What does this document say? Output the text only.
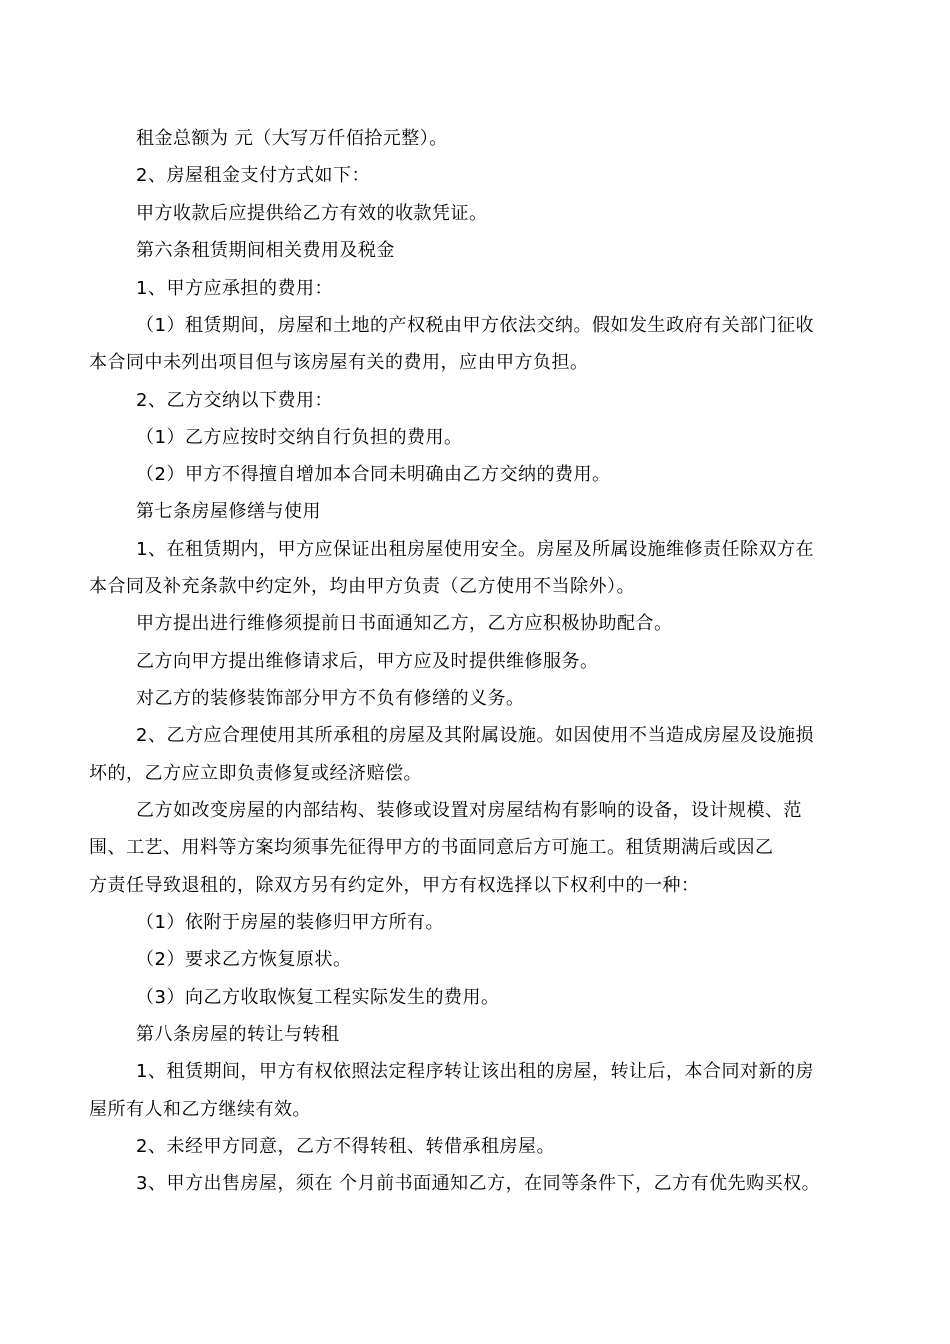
租金总额为 元（大写万仟佰拾元整）。
2、房屋租金支付方式如下：
甲方收款后应提供给乙方有效的收款凭证。
第六条租赁期间相关费用及税金
1、甲方应承担的费用：
（1）租赁期间，房屋和土地的产权税由甲方依法交纳。假如发生政府有关部门征收
本合同中未列出项目但与该房屋有关的费用，应由甲方负担。
2、乙方交纳以下费用：
（1）乙方应按时交纳自行负担的费用。
（2）甲方不得擅自增加本合同未明确由乙方交纳的费用。
第七条房屋修缮与使用
1、在租赁期内，甲方应保证出租房屋使用安全。房屋及所属设施维修责任除双方在
本合同及补充条款中约定外，均由甲方负责（乙方使用不当除外）。
甲方提出进行维修须提前日书面通知乙方，乙方应积极协助配合。
乙方向甲方提出维修请求后，甲方应及时提供维修服务。
对乙方的装修装饰部分甲方不负有修缮的义务。
2、乙方应合理使用其所承租的房屋及其附属设施。如因使用不当造成房屋及设施损
坏的，乙方应立即负责修复或经济赔偿。
乙方如改变房屋的内部结构、装修或设置对房屋结构有影响的设备，设计规模、范
围、工艺、用料等方案均须事先征得甲方的书面同意后方可施工。租赁期满后或因乙
方责任导致退租的，除双方另有约定外，甲方有权选择以下权利中的一种：
（1）依附于房屋的装修归甲方所有。
（2）要求乙方恢复原状。
（3）向乙方收取恢复工程实际发生的费用。
第八条房屋的转让与转租
1、租赁期间，甲方有权依照法定程序转让该出租的房屋，转让后，本合同对新的房
屋所有人和乙方继续有效。
2、未经甲方同意，乙方不得转租、转借承租房屋。
3、甲方出售房屋，须在 个月前书面通知乙方，在同等条件下，乙方有优先购买权。
